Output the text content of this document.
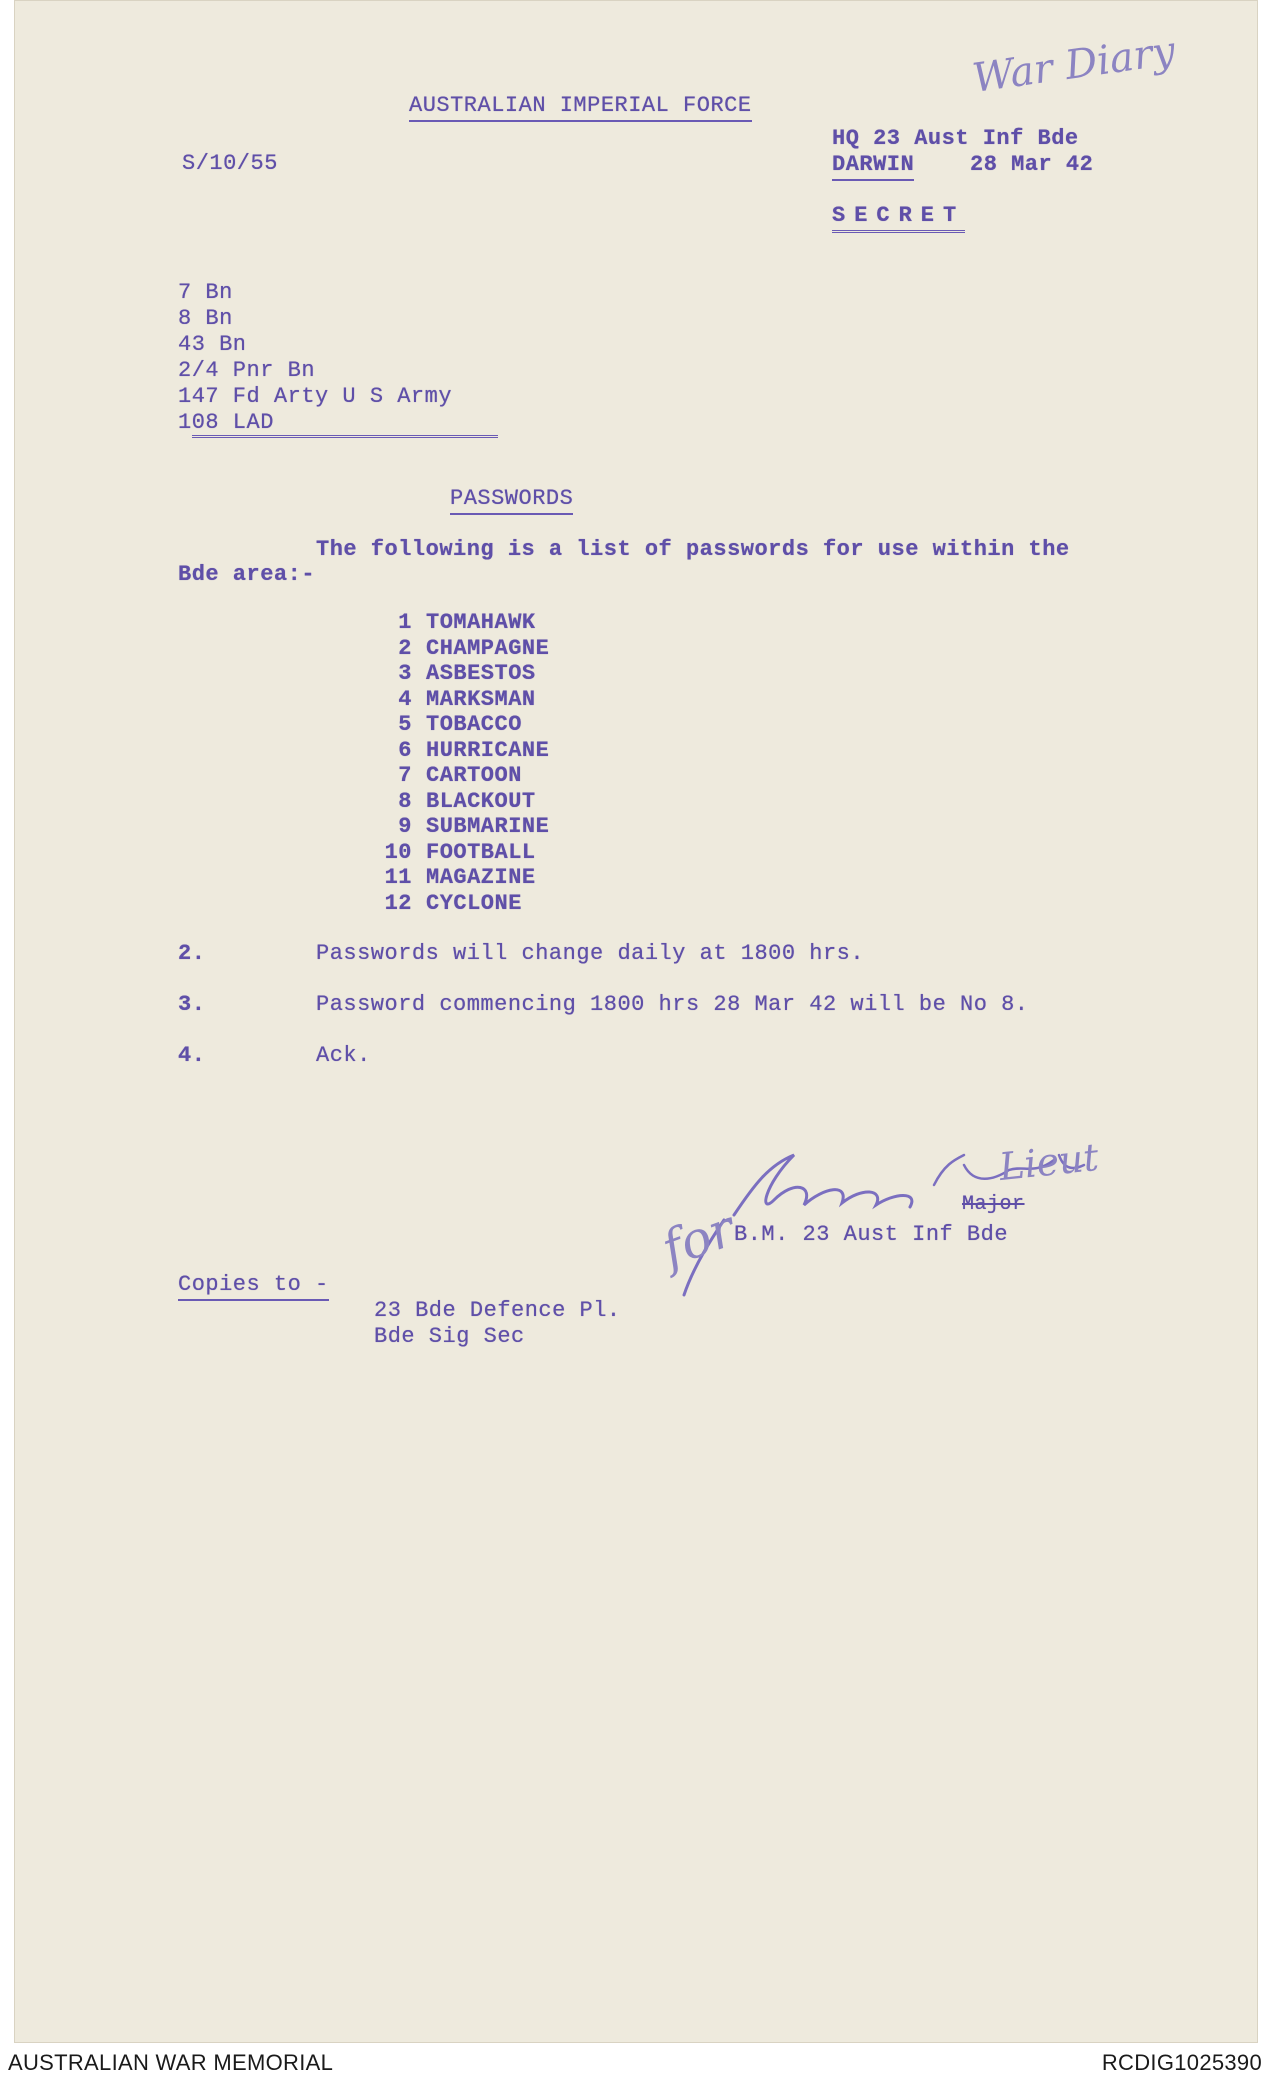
War Diary
AUSTRALIAN IMPERIAL FORCE
S/10/55
HQ 23 Aust Inf Bde
DARWIN	28 Mar 42
SECRET
7 Bn
8 Bn
43 Bn
2/4 Pnr Bn
147 Fd Arty U S Army
108 LAD
PASSWORDS
The following is a list of passwords for use within the
Bde area:-
1 TOMAHAWK
2 CHAMPAGNE
3 ASBESTOS
4 MARKSMAN
5 TOBACCO
6 HURRICANE
7 CARTOON
8 BLACKOUT
9 SUBMARINE
10 FOOTBALL
11 MAGAZINE
12 CYCLONE
2.	Passwords will change daily at 1800 hrs.
3.	Password commencing 1800 hrs 28 Mar 42 will be No 8.
4.	Ack.
for
Lieut
Major
B.M. 23 Aust Inf Bde
Copies to -
23 Bde Defence Pl.
Bde Sig Sec
AUSTRALIAN WAR MEMORIAL	RCDIG1025390
